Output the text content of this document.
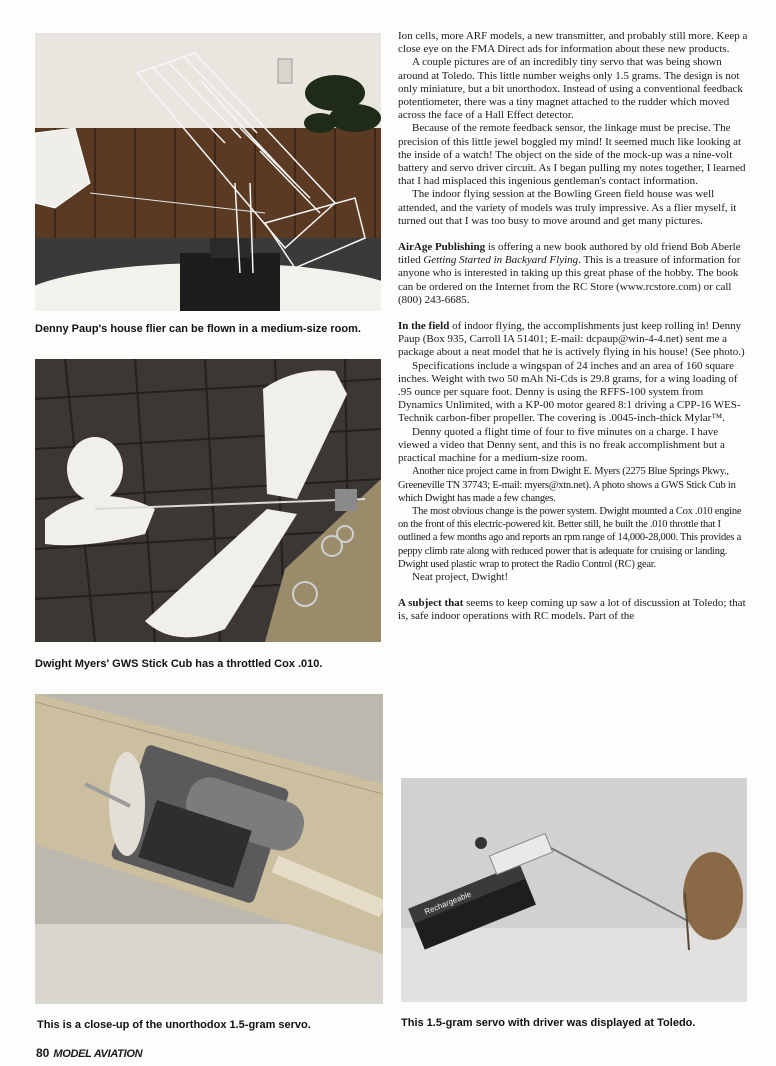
Denny Paup's house flier can be flown in a medium-size room.
Dwight Myers' GWS Stick Cub has a throttled Cox .010.
This is a close-up of the unorthodox 1.5-gram servo.
Rechargeable
This 1.5-gram servo with driver was displayed at Toledo.

Ion cells, more ARF models, a new transmitter, and probably still more. Keep a close eye on the FMA Direct ads for information about these new products.

A couple pictures are of an incredibly tiny servo that was being shown around at Toledo. This little number weighs only 1.5 grams. The design is not only miniature, but a bit unorthodox. Instead of using a conventional feedback potentiometer, there was a tiny magnet attached to the rudder which moved across the face of a Hall Effect detector.

Because of the remote feedback sensor, the linkage must be precise. The precision of this little jewel boggled my mind! It seemed much like looking at the inside of a watch! The object on the side of the mock-up was a nine-volt battery and servo driver circuit. As I began pulling my notes together, I learned that I had misplaced this ingenious gentleman's contact information.

The indoor flying session at the Bowling Green field house was well attended, and the variety of models was truly impressive. As a flier myself, it turned out that I was too busy to move around and get many pictures.

AirAge Publishing is offering a new book authored by old friend Bob Aberle titled Getting Started in Backyard Flying. This is a treasure of information for anyone who is interested in taking up this great phase of the hobby. The book can be ordered on the Internet from the RC Store (www.rcstore.com) or call (800) 243-6685.

In the field of indoor flying, the accomplishments just keep rolling in! Denny Paup (Box 935, Carroll IA 51401; E-mail: dcpaup@win-4-4.net) sent me a package about a neat model that he is actively flying in his house! (See photo.)

Specifications include a wingspan of 24 inches and an area of 160 square inches. Weight with two 50 mAh Ni-Cds is 29.8 grams, for a wing loading of .95 ounce per square foot. Denny is using the RFFS-100 system from Dynamics Unlimited, with a KP-00 motor geared 8:1 driving a CPP-16 WES-Technik carbon-fiber propeller. The covering is .0045-inch-thick Mylar™.

Denny quoted a flight time of four to five minutes on a charge. I have viewed a video that Denny sent, and this is no freak accomplishment but a practical machine for a medium-size room.

Another nice project came in from Dwight E. Myers (2275 Blue Springs Pkwy., Greeneville TN 37743; E-mail: myers@xtn.net). A photo shows a GWS Stick Cub in which Dwight has made a few changes.

The most obvious change is the power system. Dwight mounted a Cox .010 engine on the front of this electric-powered kit. Better still, he built the .010 throttle that I outlined a few months ago and reports an rpm range of 14,000-28,000. This provides a peppy climb rate along with reduced power that is adequate for cruising or landing. Dwight used plastic wrap to protect the Radio Control (RC) gear.

Neat project, Dwight!

A subject that seems to keep coming up saw a lot of discussion at Toledo; that is, safe indoor operations with RC models. Part of the

80 MODEL AVIATION
